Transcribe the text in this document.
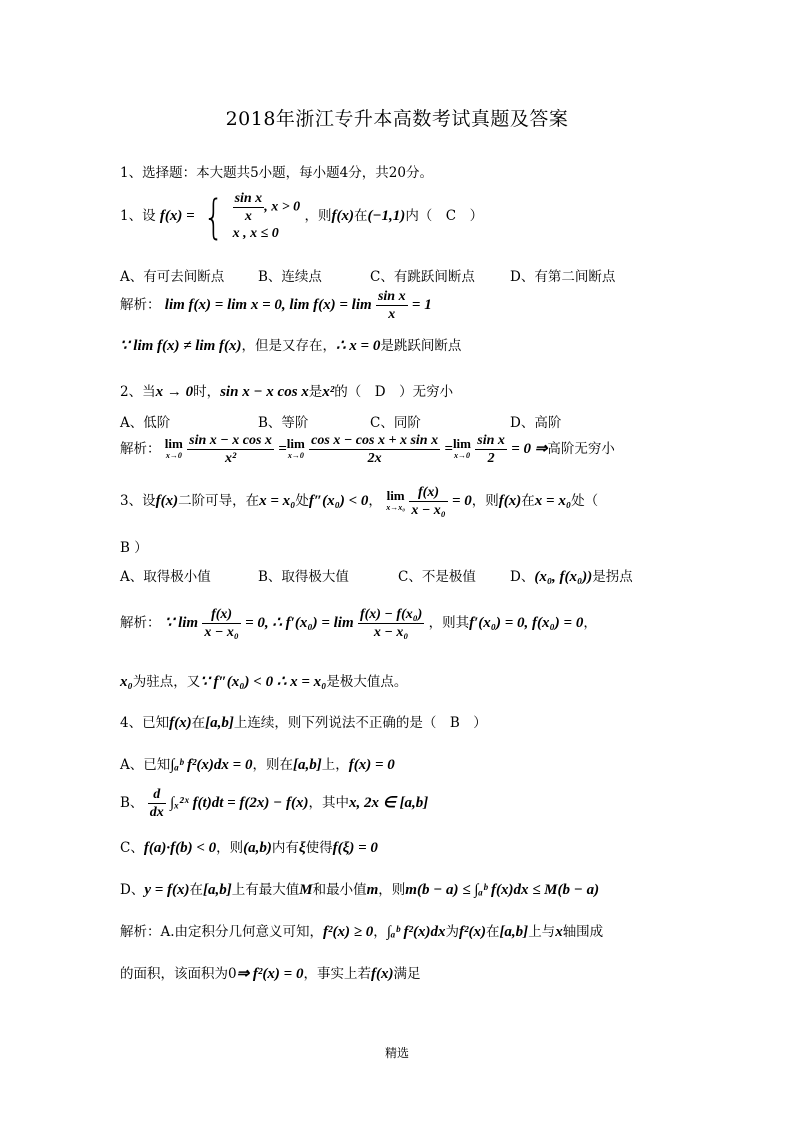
2018年浙江专升本高数考试真题及答案
1、选择题：本大题共5小题，每小题4分，共20分。
1、设 f(x) = { $\frac{\text{sin x}}{x}$ , x > 0
x , x ≤ 0
，则f(x)在(−1,1)内（　C　）
A、有可去间断点	B、连续点	C、有跳跃间断点	D、有第二间断点
解析： lim f(x) = lim x = 0, $\lim f(x) = \lim \frac{\text{sin x}}{x} = 1$
∵ lim f(x) ≠ lim f(x)，但是又存在，∴ x = 0是跳跃间断点
2、当x → 0时，sin x − x cos x是x²的（　D　）无穷小
A、低阶	B、等阶	C、同阶	D、高阶
解析： lim
x→0
$\frac{\text{sin x − x cos x}}{\text{x²}} = \lim$
x→0
$\frac{\text{cos x − cos x + x sin x}}{2x} = \lim$
x→0
$\frac{\text{sin x}}{2} = 0$ ⇒高阶无穷小
3、设f(x)二阶可导，在x = x₀处f″(x₀) < 0， lim
x→x₀
$\frac{f(x)}{\text{x − x₀}} = 0$，则f(x)在x = x₀处（
B ）
A、取得极小值	B、取得极大值	C、不是极值	D、(x₀, f(x₀))是拐点
解析： ∵ $\lim \frac{f(x)}{\text{x − x₀}} = 0$, ∴ $f'(x_0) = \lim \frac{\text{f(x) − f(x₀)}}{\text{x − x₀}}$ ，则其f′(x₀) = 0, f(x₀) = 0，
x₀为驻点，又∵ f″(x₀) < 0 ∴ x = x₀是极大值点。
4、已知f(x)在[a,b]上连续，则下列说法不正确的是（　B　）
A、已知∫ₐᵇ f²(x)dx = 0，则在[a,b]上，f(x) = 0
B、 $\frac{d}{dx}$ ∫ₓ²ˣ f(t)dt = f(2x) − f(x)，其中x, 2x ∈ [a,b]
C、f(a)·f(b) < 0，则(a,b)内有ξ使得f(ξ) = 0
D、y = f(x)在[a,b]上有最大值M和最小值m，则m(b − a) ≤ ∫ₐᵇ f(x)dx ≤ M(b − a)
解析：A.由定积分几何意义可知，f²(x) ≥ 0，∫ₐᵇ f²(x)dx为f²(x)在[a,b]上与x轴围成
的面积，该面积为0⇒ f²(x) = 0，事实上若f(x)满足
精选
